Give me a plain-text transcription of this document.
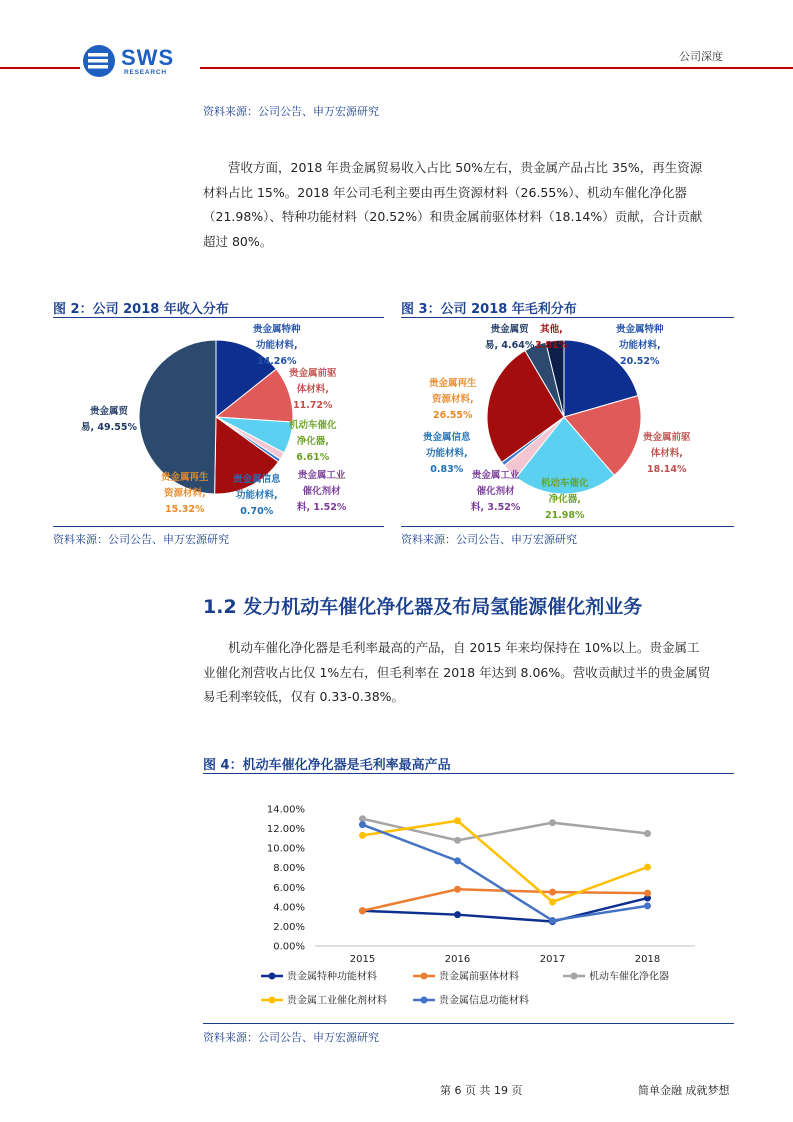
SWS
RESEARCH
公司深度
资料来源：公司公告、申万宏源研究
营收方面，2018 年贵金属贸易收入占比 50%左右，贵金属产品占比 35%，再生资源
材料占比 15%。2018 年公司毛利主要由再生资源材料（26.55%）、机动车催化净化器
（21.98%）、特种功能材料（20.52%）和贵金属前驱体材料（18.14%）贡献，合计贡献
超过 80%。
图 2：公司 2018 年收入分布
贵金属特种
功能材料,
14.26%
贵金属前驱
体材料,
11.72%
机动车催化
净化器,
6.61%
贵金属工业
催化剂材
料, 1.52%
贵金属信息
功能材料,
0.70%
贵金属再生
资源材料,
15.32%
贵金属贸
易, 49.55%
资料来源：公司公告、申万宏源研究
图 3：公司 2018 年毛利分布
贵金属特种
功能材料,
20.52%
贵金属前驱
体材料,
18.14%
机动车催化
净化器,
21.98%
贵金属工业
催化剂材
料, 3.52%
贵金属信息
功能材料,
0.83%
贵金属再生
资源材料,
26.55%
贵金属贸
易, 4.64%
其他,
3.81%
资料来源：公司公告、申万宏源研究
1.2 发力机动车催化净化器及布局氢能源催化剂业务
机动车催化净化器是毛利率最高的产品，自 2015 年来均保持在 10%以上。贵金属工
业催化剂营收占比仅 1%左右，但毛利率在 2018 年达到 8.06%。营收贡献过半的贵金属贸
易毛利率较低，仅有 0.33-0.38%。
图 4：机动车催化净化器是毛利率最高产品
0.00%
2.00%
4.00%
6.00%
8.00%
10.00%
12.00%
14.00%
2015	2016	2017	2018
贵金属特种功能材料	贵金属前驱体材料	机动车催化净化器
贵金属工业催化剂材料	贵金属信息功能材料
资料来源：公司公告、申万宏源研究
第 6 页 共 19 页	简单金融 成就梦想
